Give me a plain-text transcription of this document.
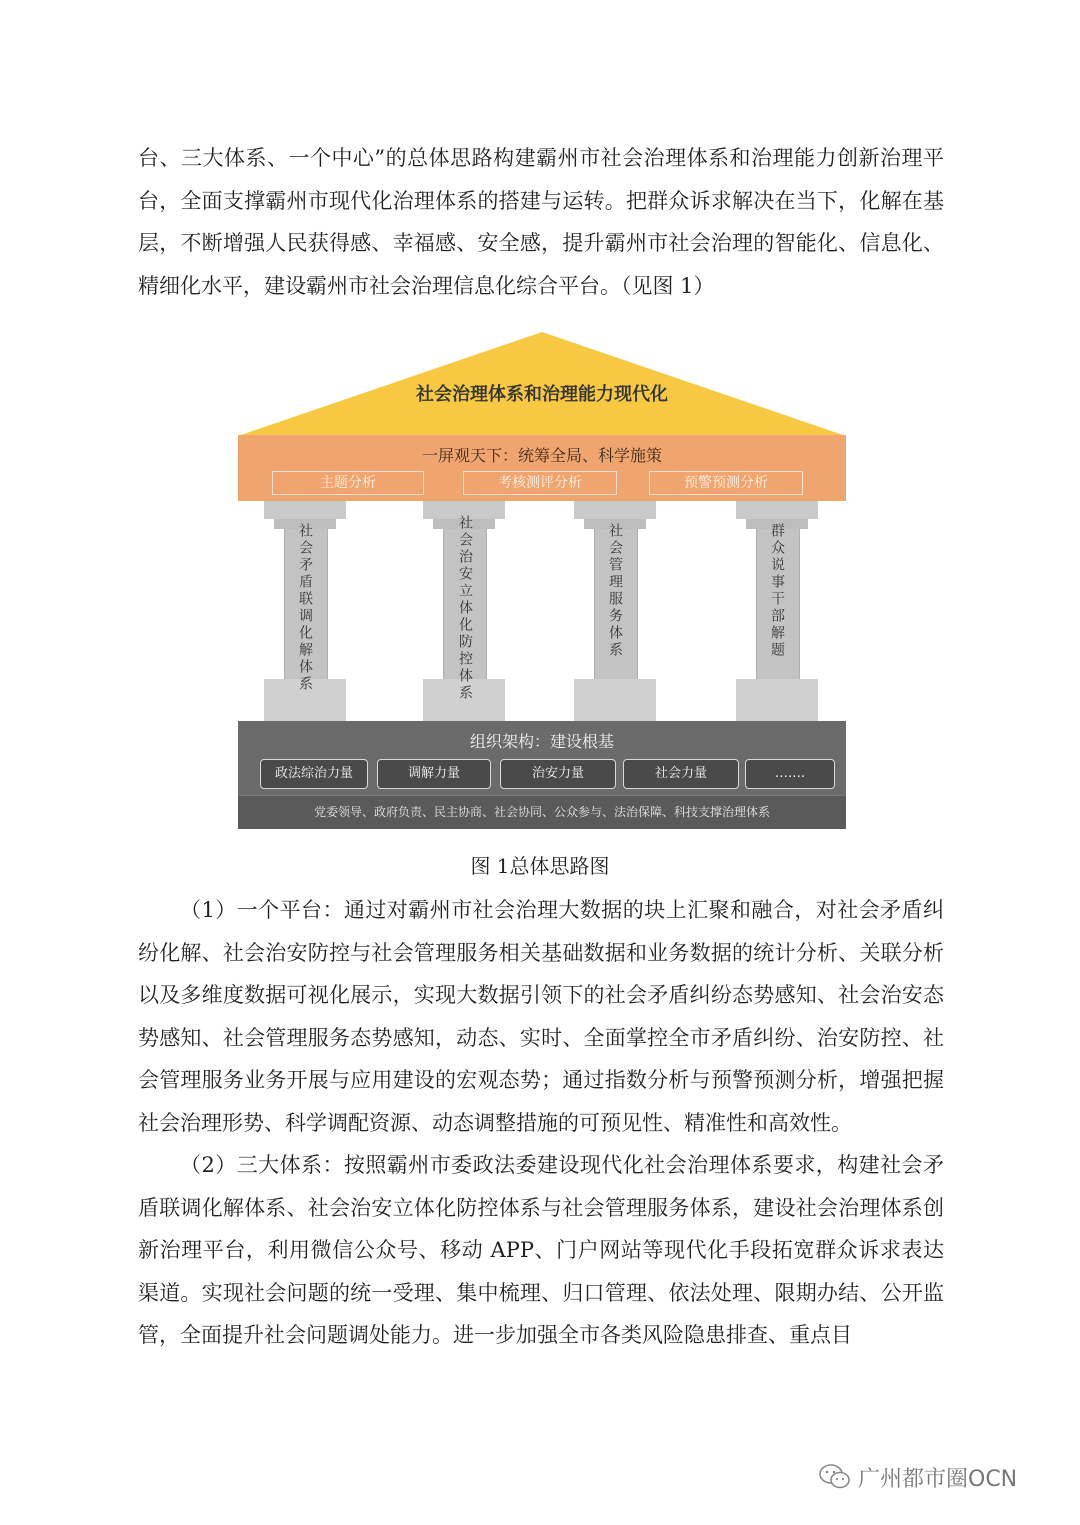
台、三大体系、一个中心”的总体思路构建霸州市社会治理体系和治理能力创新治理平台，全面支撑霸州市现代化治理体系的搭建与运转。把群众诉求解决在当下，化解在基层，不断增强人民获得感、幸福感、安全感，提升霸州市社会治理的智能化、信息化、精细化水平，建设霸州市社会治理信息化综合平台。（见图 1）

社会治理体系和治理能力现代化
一屏观天下：统筹全局、科学施策
主题分析	考核测评分析	预警预测分析
社会矛盾联调化解体系	社会治安立体化防控体系	社会管理服务体系	群众说事干部解题
组织架构：建设根基
政法综治力量	调解力量	治安力量	社会力量	…….
党委领导、政府负责、民主协商、社会协同、公众参与、法治保障、科技支撑治理体系
图 1总体思路图

（1）一个平台：通过对霸州市社会治理大数据的块上汇聚和融合，对社会矛盾纠纷化解、社会治安防控与社会管理服务相关基础数据和业务数据的统计分析、关联分析以及多维度数据可视化展示，实现大数据引领下的社会矛盾纠纷态势感知、社会治安态势感知、社会管理服务态势感知，动态、实时、全面掌控全市矛盾纠纷、治安防控、社会管理服务业务开展与应用建设的宏观态势；通过指数分析与预警预测分析，增强把握社会治理形势、科学调配资源、动态调整措施的可预见性、精准性和高效性。

（2）三大体系：按照霸州市委政法委建设现代化社会治理体系要求，构建社会矛盾联调化解体系、社会治安立体化防控体系与社会管理服务体系，建设社会治理体系创新治理平台，利用微信公众号、移动 APP、门户网站等现代化手段拓宽群众诉求表达渠道。实现社会问题的统一受理、集中梳理、归口管理、依法处理、限期办结、公开监管，全面提升社会问题调处能力。进一步加强全市各类风险隐患排查、重点目

广州都市圈OCN
